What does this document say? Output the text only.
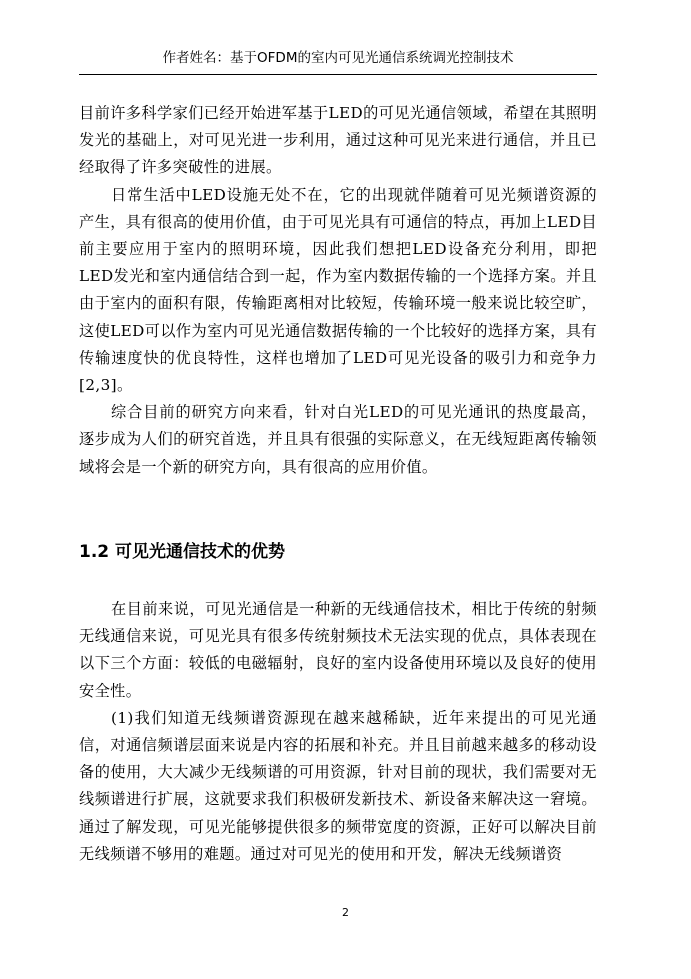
作者姓名：基于OFDM的室内可见光通信系统调光控制技术

目前许多科学家们已经开始进军基于LED的可见光通信领域，希望在其照明发光的基础上，对可见光进一步利用，通过这种可见光来进行通信，并且已经取得了许多突破性的进展。

日常生活中LED设施无处不在，它的出现就伴随着可见光频谱资源的产生，具有很高的使用价值，由于可见光具有可通信的特点，再加上LED目前主要应用于室内的照明环境，因此我们想把LED设备充分利用，即把LED发光和室内通信结合到一起，作为室内数据传输的一个选择方案。并且由于室内的面积有限，传输距离相对比较短，传输环境一般来说比较空旷，这使LED可以作为室内可见光通信数据传输的一个比较好的选择方案，具有传输速度快的优良特性，这样也增加了LED可见光设备的吸引力和竞争力 [2,3]。

综合目前的研究方向来看，针对白光LED的可见光通讯的热度最高，逐步成为人们的研究首选，并且具有很强的实际意义，在无线短距离传输领域将会是一个新的研究方向，具有很高的应用价值。

1.2 可见光通信技术的优势

在目前来说，可见光通信是一种新的无线通信技术，相比于传统的射频无线通信来说，可见光具有很多传统射频技术无法实现的优点，具体表现在以下三个方面：较低的电磁辐射，良好的室内设备使用环境以及良好的使用安全性。

(1)我们知道无线频谱资源现在越来越稀缺，近年来提出的可见光通信，对通信频谱层面来说是内容的拓展和补充。并且目前越来越多的移动设备的使用，大大减少无线频谱的可用资源，针对目前的现状，我们需要对无线频谱进行扩展，这就要求我们积极研发新技术、新设备来解决这一窘境。通过了解发现，可见光能够提供很多的频带宽度的资源，正好可以解决目前无线频谱不够用的难题。通过对可见光的使用和开发，解决无线频谱资

2
